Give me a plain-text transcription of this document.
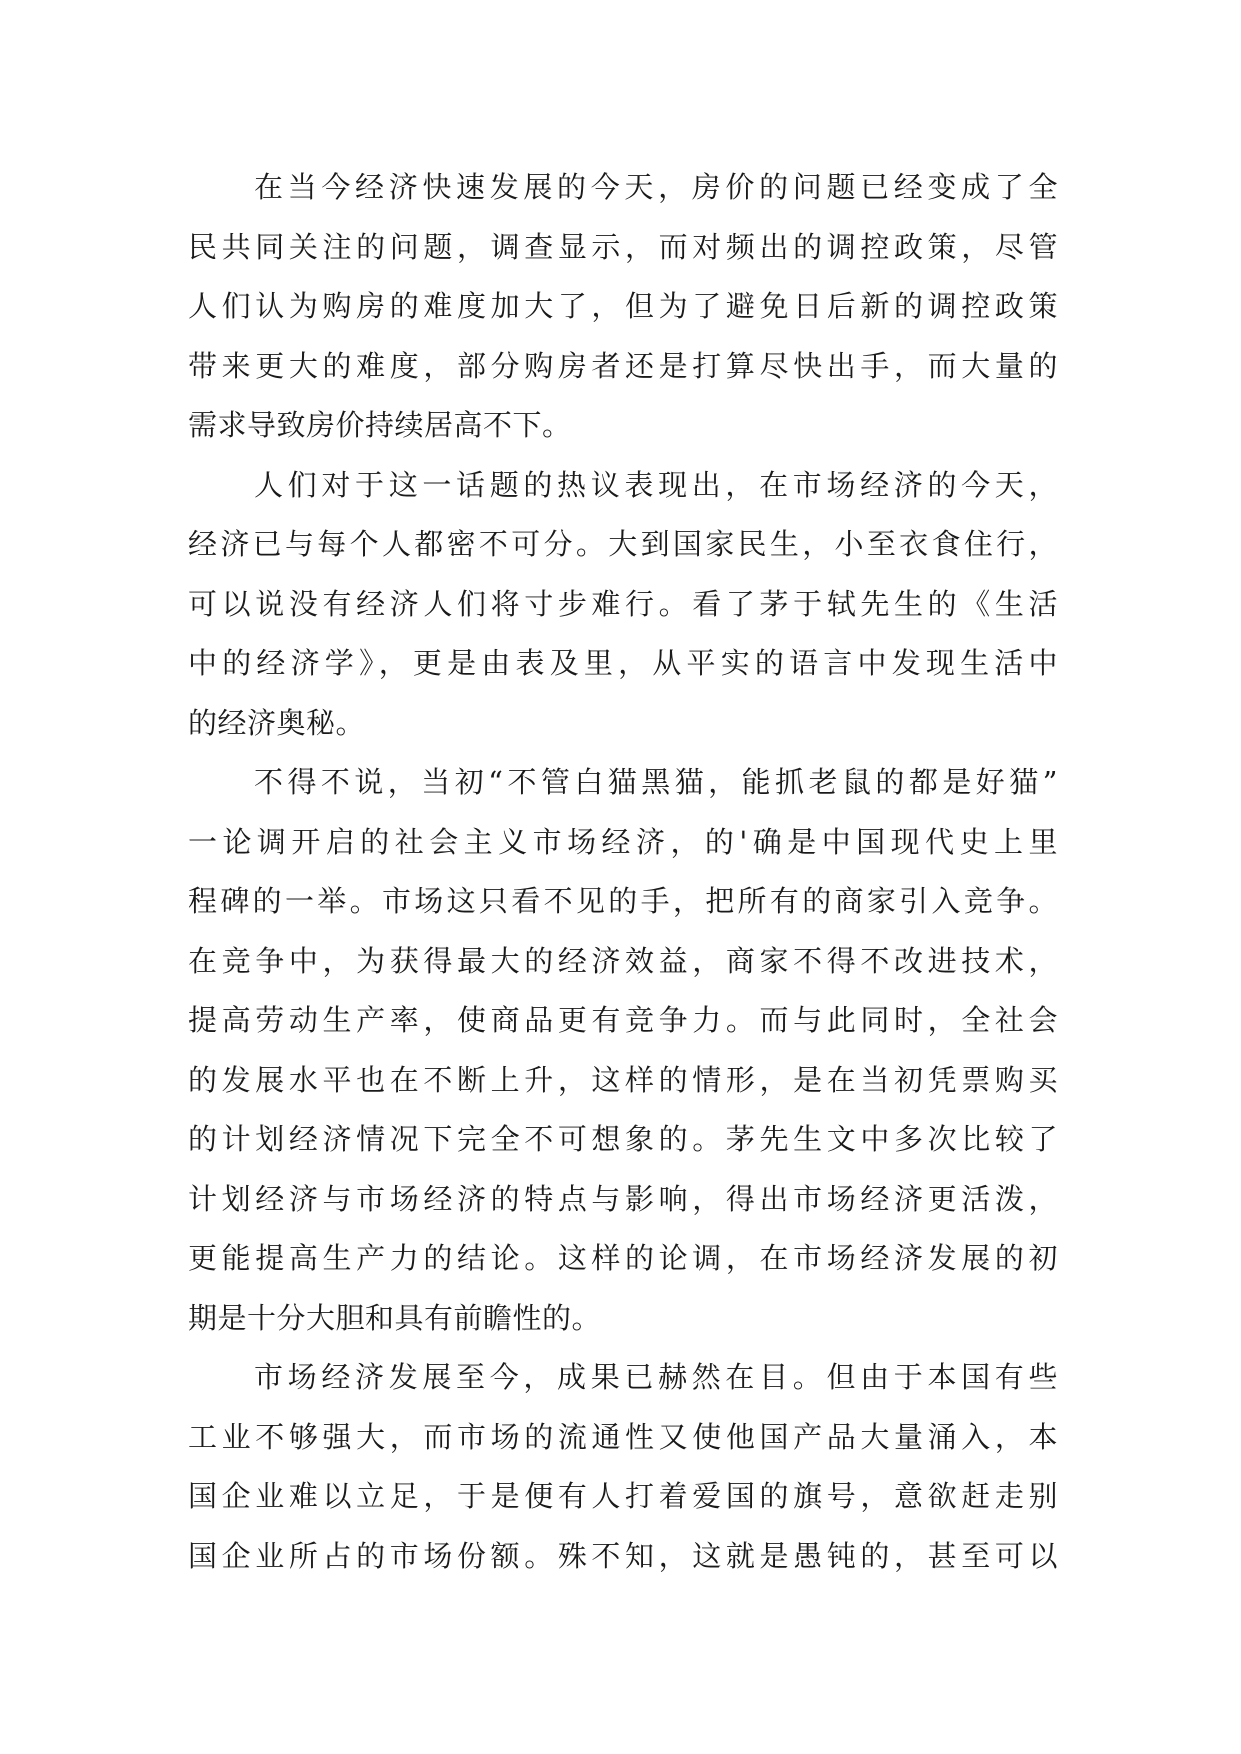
在当今经济快速发展的今天，房价的问题已经变成了全
民共同关注的问题，调查显示，而对频出的调控政策，尽管
人们认为购房的难度加大了，但为了避免日后新的调控政策
带来更大的难度，部分购房者还是打算尽快出手，而大量的
需求导致房价持续居高不下。

人们对于这一话题的热议表现出，在市场经济的今天，
经济已与每个人都密不可分。大到国家民生，小至衣食住行，
可以说没有经济人们将寸步难行。看了茅于轼先生的《生活
中的经济学》，更是由表及里，从平实的语言中发现生活中
的经济奥秘。

不得不说，当初“不管白猫黑猫，能抓老鼠的都是好猫”
一论调开启的社会主义市场经济，的'确是中国现代史上里
程碑的一举。市场这只看不见的手，把所有的商家引入竞争。
在竞争中，为获得最大的经济效益，商家不得不改进技术，
提高劳动生产率，使商品更有竞争力。而与此同时，全社会
的发展水平也在不断上升，这样的情形，是在当初凭票购买
的计划经济情况下完全不可想象的。茅先生文中多次比较了
计划经济与市场经济的特点与影响，得出市场经济更活泼，
更能提高生产力的结论。这样的论调，在市场经济发展的初
期是十分大胆和具有前瞻性的。

市场经济发展至今，成果已赫然在目。但由于本国有些
工业不够强大，而市场的流通性又使他国产品大量涌入，本
国企业难以立足，于是便有人打着爱国的旗号，意欲赶走别
国企业所占的市场份额。殊不知，这就是愚钝的，甚至可以
